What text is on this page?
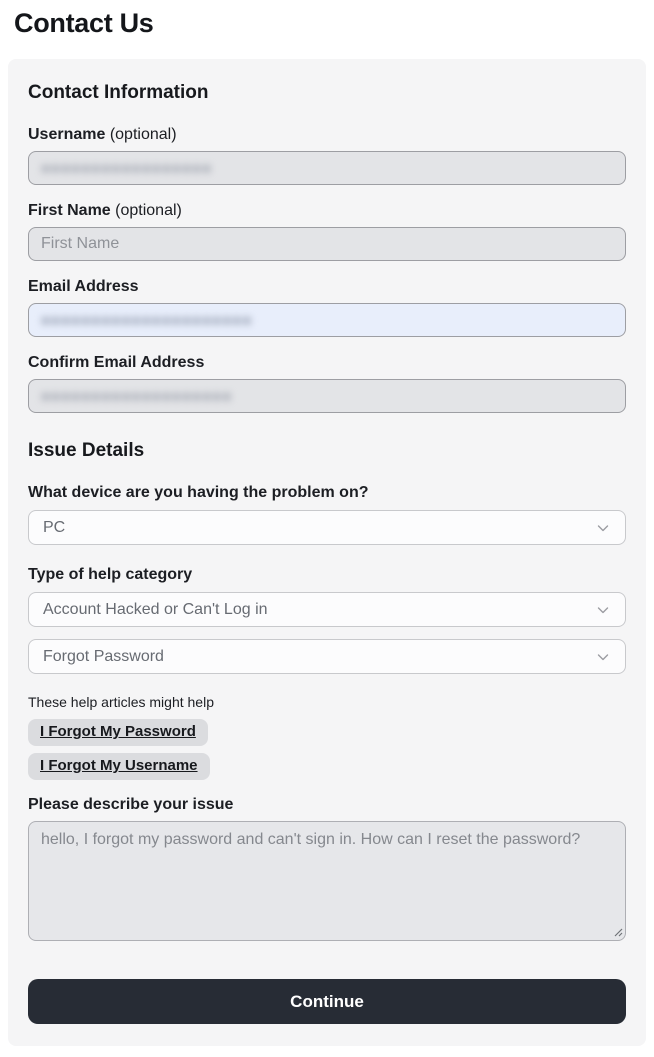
Contact Us
Contact Information
Username (optional)
●●●●●●●●●●●●●●●●●
First Name (optional)
First Name
Email Address
●●●●●●●●●●●●●●●●●●●●●
Confirm Email Address
●●●●●●●●●●●●●●●●●●●
Issue Details
What device are you having the problem on?
PC
Type of help category
Account Hacked or Can't Log in
Forgot Password
These help articles might help
I Forgot My Password
I Forgot My Username
Please describe your issue
hello, I forgot my password and can't sign in. How can I reset the password?
Continue
